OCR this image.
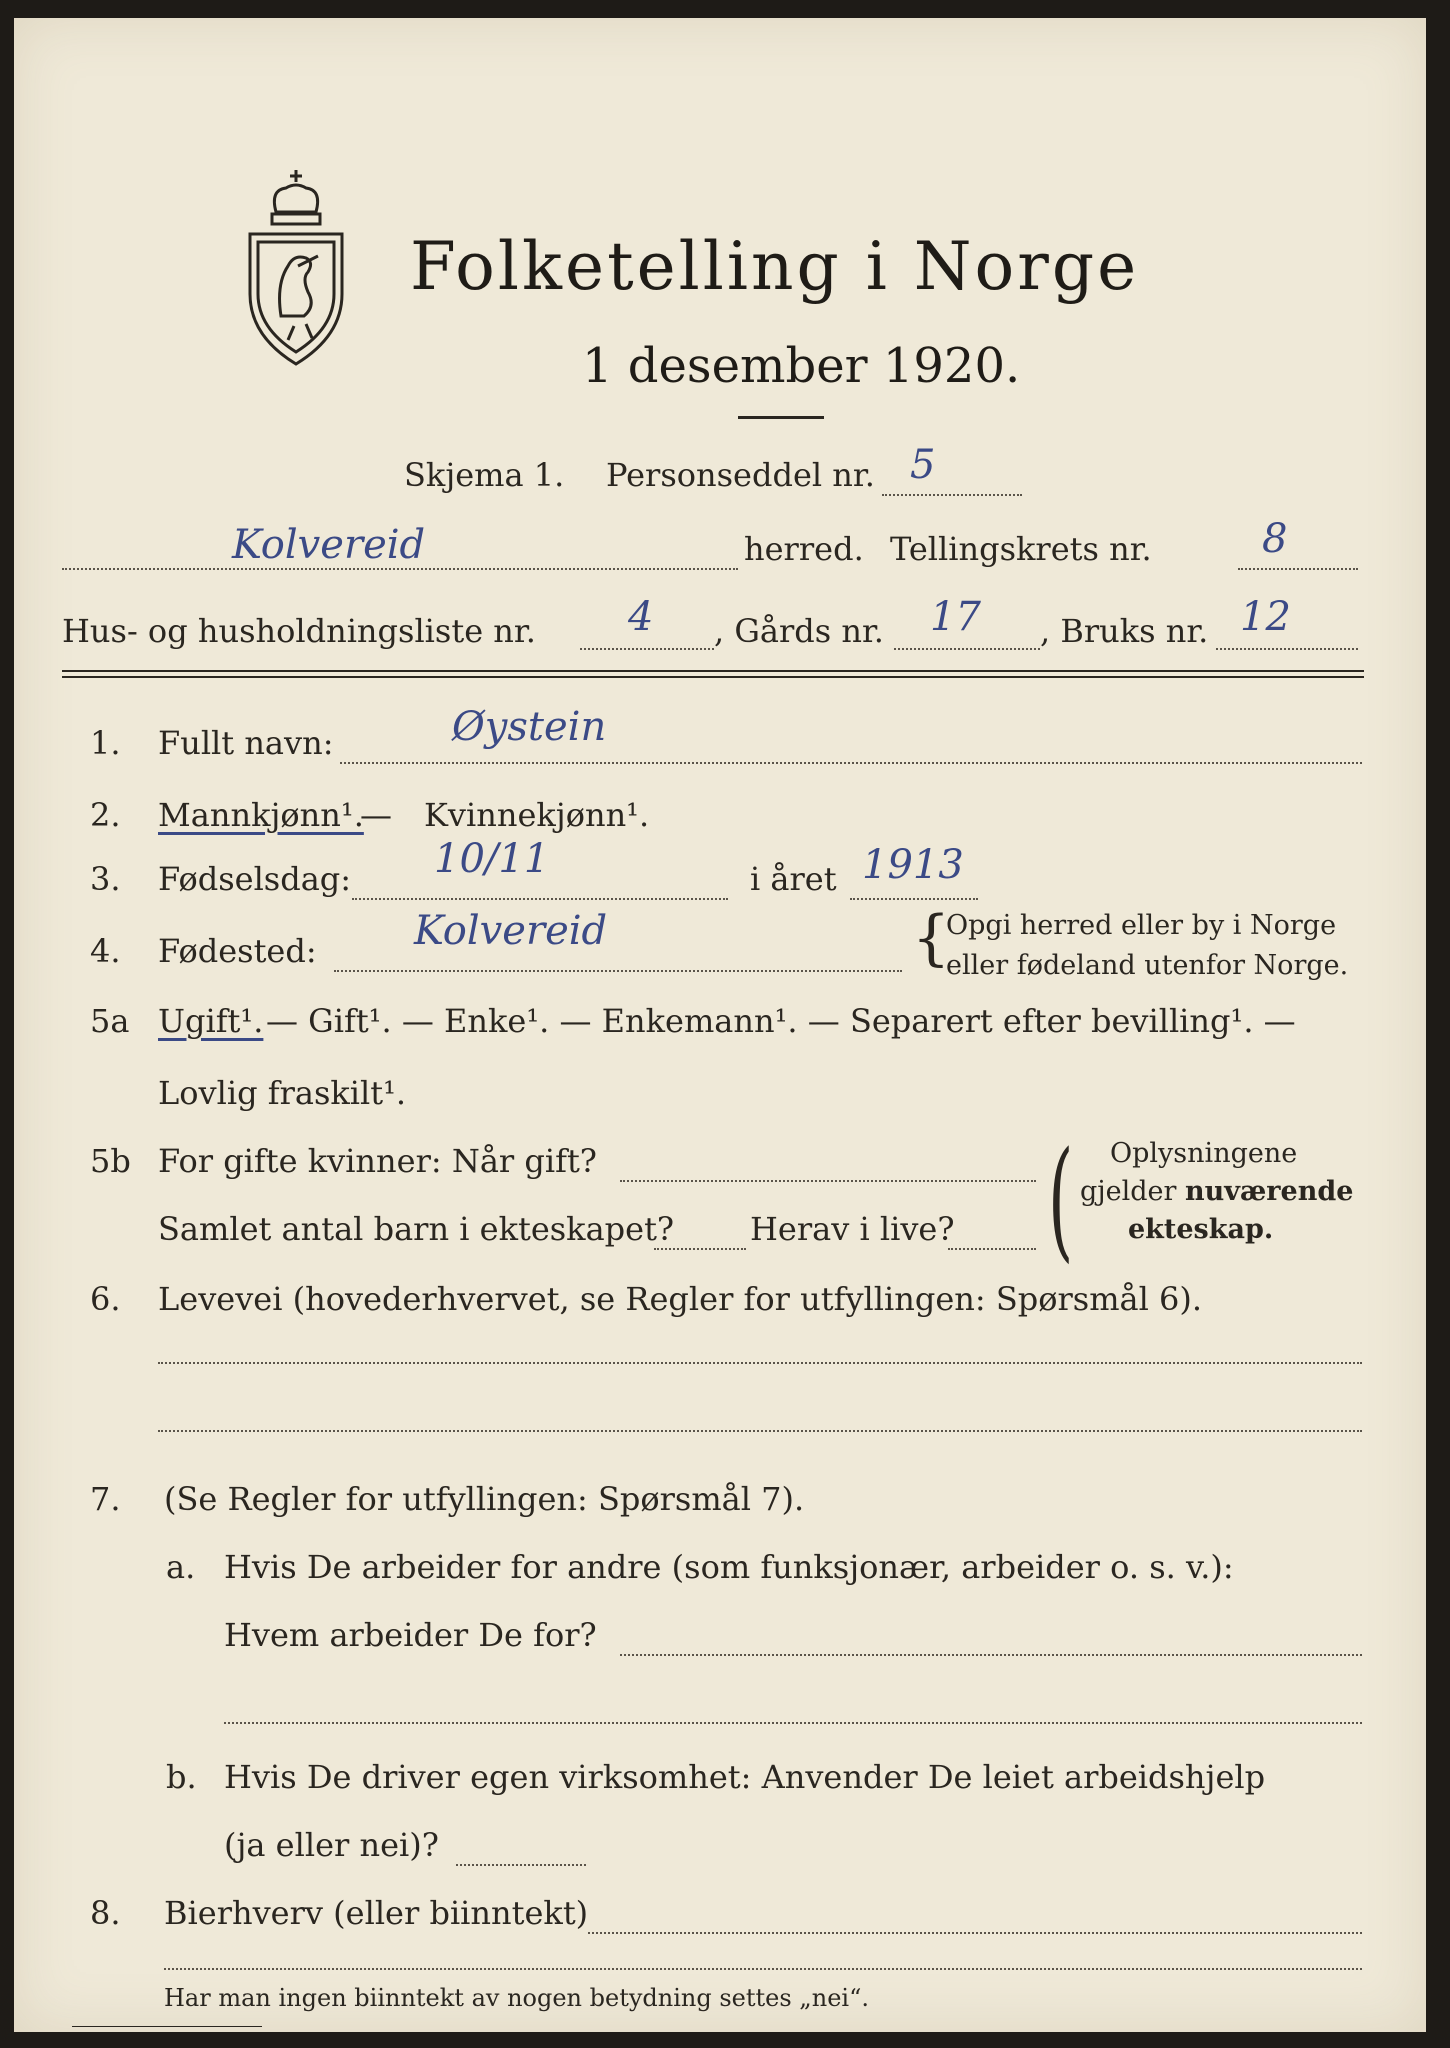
Folketelling i Norge
1 desember 1920.
Skjema 1. Personseddel nr. 5
Kolvereid	herred. Tellingskrets nr.	8
Hus- og husholdningsliste nr. 4 , Gårds nr. 17 , Bruks nr. 12
1. Fullt navn:	Øystein
2. Mannkjønn¹.
— Kvinnekjønn¹.
3. Fødselsdag: 10/11	i året 1913
4. Fødested: Kolvereid	{
Opgi herred eller by i Norge
eller fødeland utenfor Norge.
5a Ugift¹. — Gift¹. — Enke¹. — Enkemann¹. — Separert efter bevilling¹. —
Lovlig fraskilt¹.
5b For gifte kvinner: Når gift?
Samlet antal barn i ekteskapet? Herav i live? ( Oplysningene
gjelder nuværende
ekteskap.
6. Levevei (hovederhvervet, se Regler for utfyllingen: Spørsmål 6).
7. (Se Regler for utfyllingen: Spørsmål 7).
a. Hvis De arbeider for andre (som funksjonær, arbeider o. s. v.):
Hvem arbeider De for?
b. Hvis De driver egen virksomhet: Anvender De leiet arbeidshjelp
(ja eller nei)?
8. Bierhverv (eller biinntekt)
Har man ingen biinntekt av nogen betydning settes „nei“.
